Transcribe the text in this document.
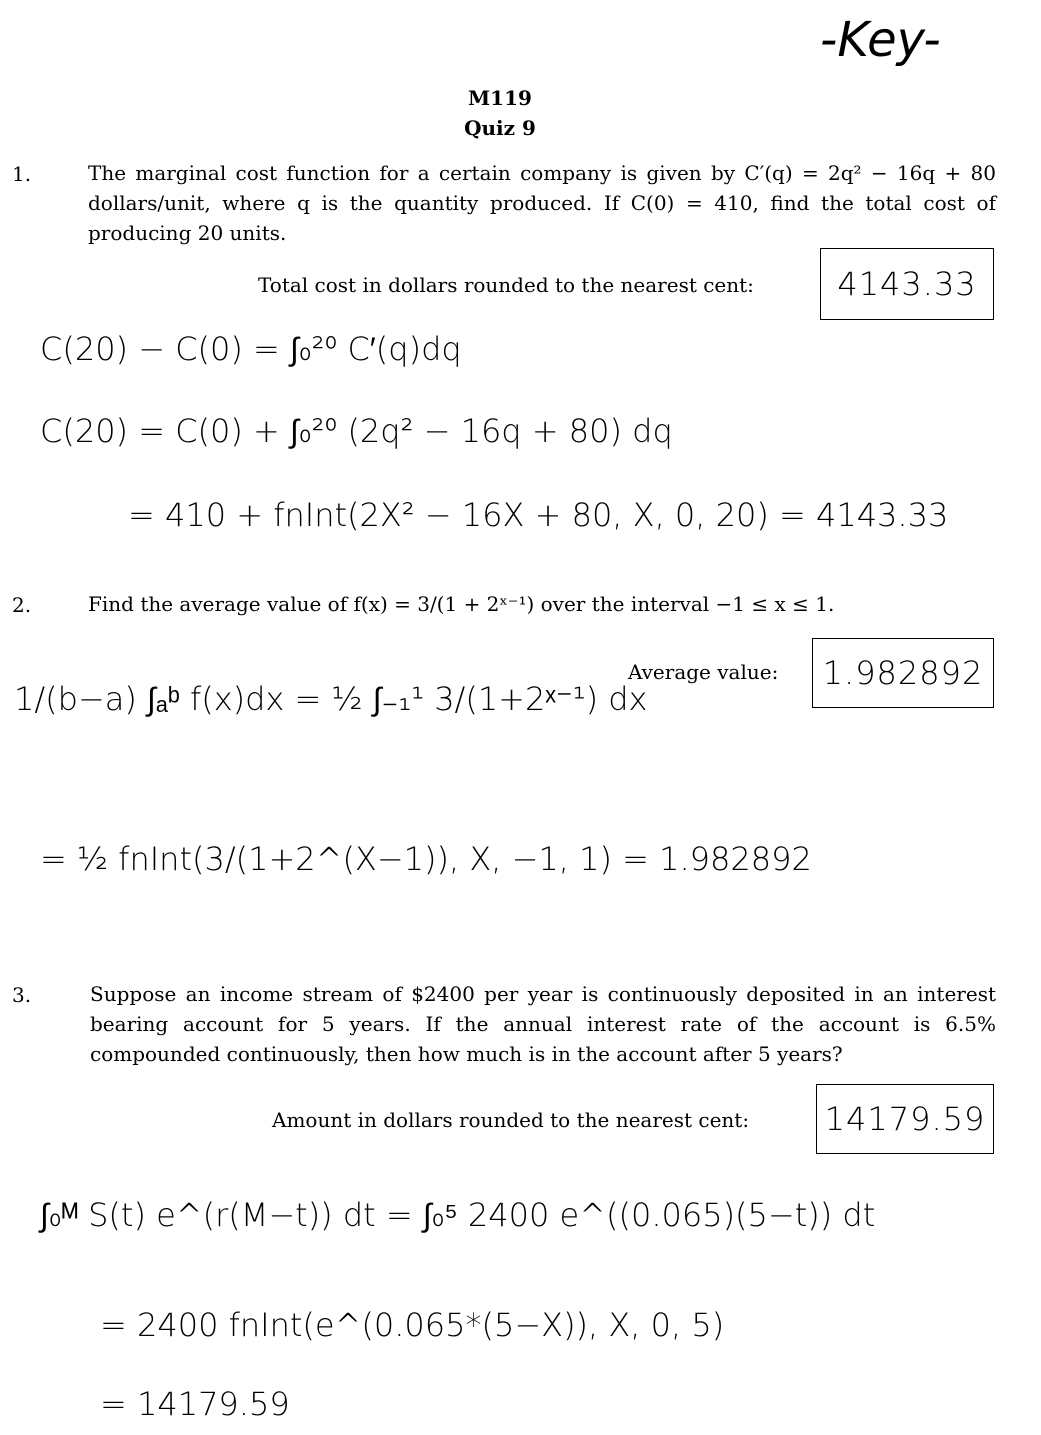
-Key-
M119
Quiz 9
1.	The marginal cost function for a certain company is given by C′(q) = 2q² − 16q + 80 dollars/unit, where q is the quantity produced. If C(0) = 410, find the total cost of producing 20 units.
Total cost in dollars rounded to the nearest cent:	4143.33
C(20) − C(0) = ∫₀²⁰ C′(q)dq
C(20) = C(0) + ∫₀²⁰ (2q² − 16q + 80) dq
= 410 + fnInt(2X² − 16X + 80, X, 0, 20) = 4143.33
2.	Find the average value of f(x) = 3/(1 + 2ˣ⁻¹) over the interval −1 ≤ x ≤ 1.
Average value: 1.982892
1/(b−a) ∫ₐᵇ f(x)dx = ½ ∫₋₁¹ 3/(1+2ˣ⁻¹) dx
= ½ fnInt(3/(1+2^(X−1)), X, −1, 1) = 1.982892
3.	Suppose an income stream of $2400 per year is continuously deposited in an interest bearing account for 5 years. If the annual interest rate of the account is 6.5% compounded continuously, then how much is in the account after 5 years?
Amount in dollars rounded to the nearest cent: 14179.59
∫₀ᴹ S(t) e^(r(M−t)) dt = ∫₀⁵ 2400 e^((0.065)(5−t)) dt
= 2400 fnInt(e^(0.065*(5−X)), X, 0, 5)
= 14179.59
